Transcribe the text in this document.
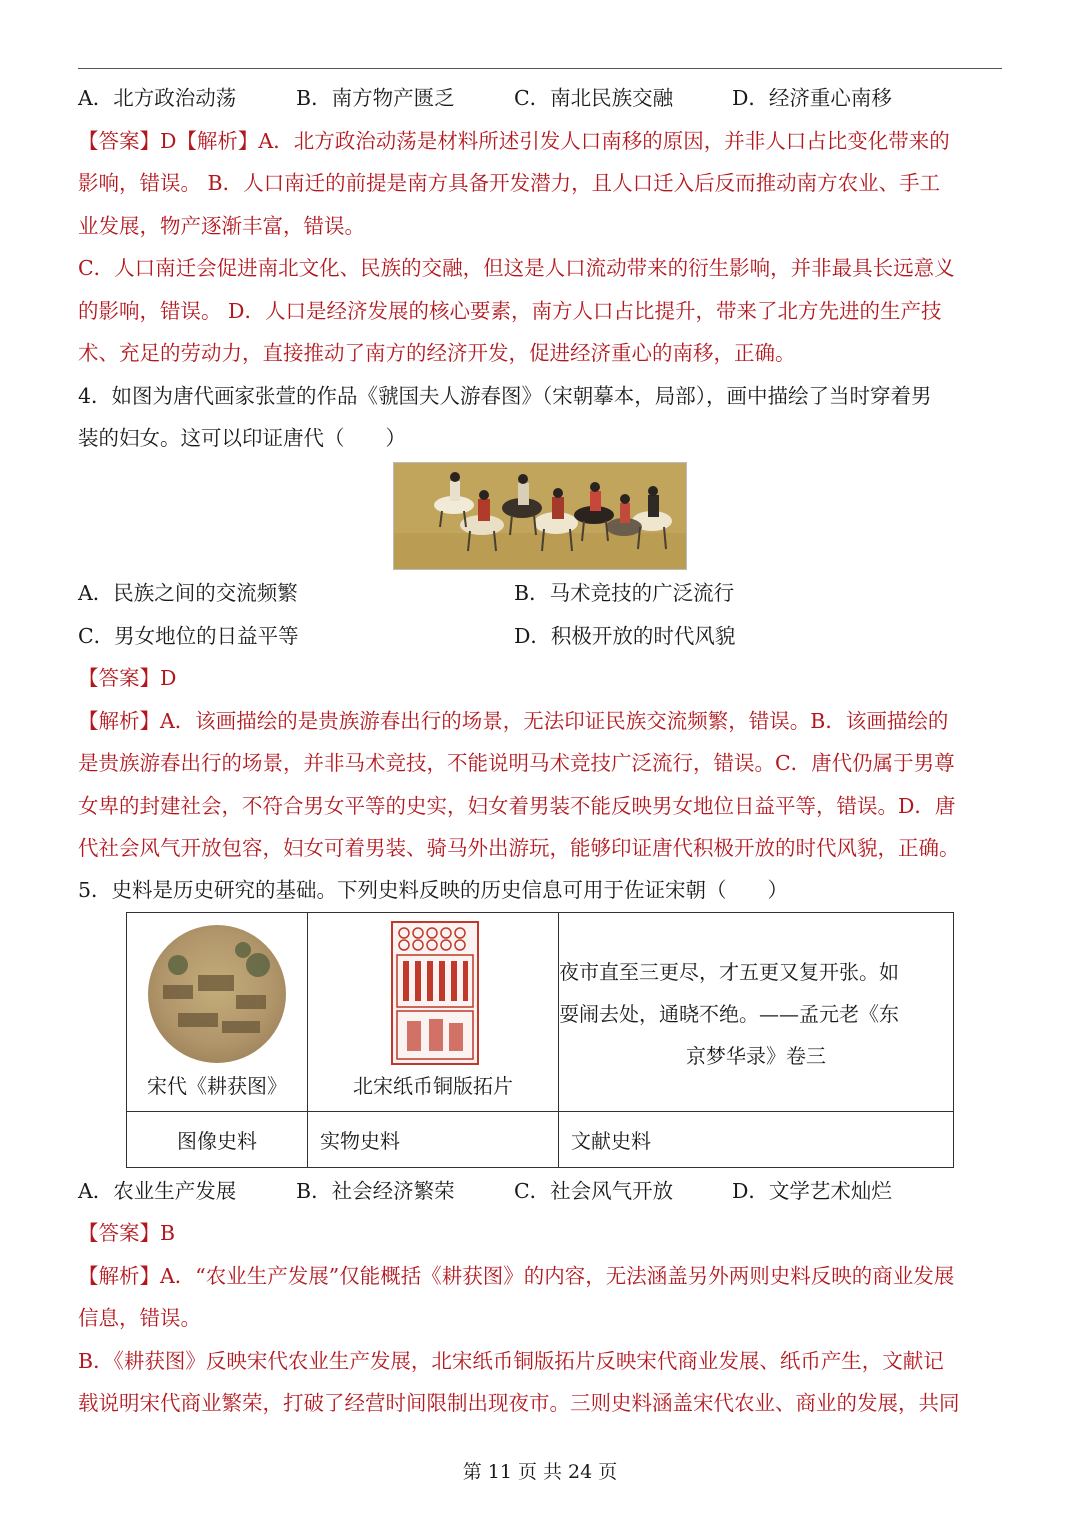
A．北方政治动荡	B．南方物产匮乏	C．南北民族交融	D．经济重心南移
【答案】D【解析】A．北方政治动荡是材料所述引发人口南移的原因，并非人口占比变化带来的
影响，错误。 B．人口南迁的前提是南方具备开发潜力，且人口迁入后反而推动南方农业、手工
业发展，物产逐渐丰富，错误。
C．人口南迁会促进南北文化、民族的交融，但这是人口流动带来的衍生影响，并非最具长远意义
的影响，错误。 D．人口是经济发展的核心要素，南方人口占比提升，带来了北方先进的生产技
术、充足的劳动力，直接推动了南方的经济开发，促进经济重心的南移，正确。
4．如图为唐代画家张萱的作品《虢国夫人游春图》（宋朝摹本，局部），画中描绘了当时穿着男
装的妇女。这可以印证唐代（　　）
A．民族之间的交流频繁	B．马术竞技的广泛流行
C．男女地位的日益平等	D．积极开放的时代风貌
【答案】D
【解析】A．该画描绘的是贵族游春出行的场景，无法印证民族交流频繁，错误。B．该画描绘的
是贵族游春出行的场景，并非马术竞技，不能说明马术竞技广泛流行，错误。C．唐代仍属于男尊
女卑的封建社会，不符合男女平等的史实，妇女着男装不能反映男女地位日益平等，错误。D．唐
代社会风气开放包容，妇女可着男装、骑马外出游玩，能够印证唐代积极开放的时代风貌，正确。
5．史料是历史研究的基础。下列史料反映的历史信息可用于佐证宋朝（　　）
宋代《耕获图》	北宋纸币铜版拓片	夜市直至三更尽，才五更又复开张。如
耍闹去处，通晓不绝。——孟元老《东
京梦华录》卷三

图像史料	实物史料	文献史料
A．农业生产发展	B．社会经济繁荣	C．社会风气开放	D．文学艺术灿烂
【答案】B
【解析】A．“农业生产发展”仅能概括《耕获图》的内容，无法涵盖另外两则史料反映的商业发展
信息，错误。
B．《耕获图》反映宋代农业生产发展，北宋纸币铜版拓片反映宋代商业发展、纸币产生，文献记
载说明宋代商业繁荣，打破了经营时间限制出现夜市。三则史料涵盖宋代农业、商业的发展，共同
第 11 页 共 24 页
